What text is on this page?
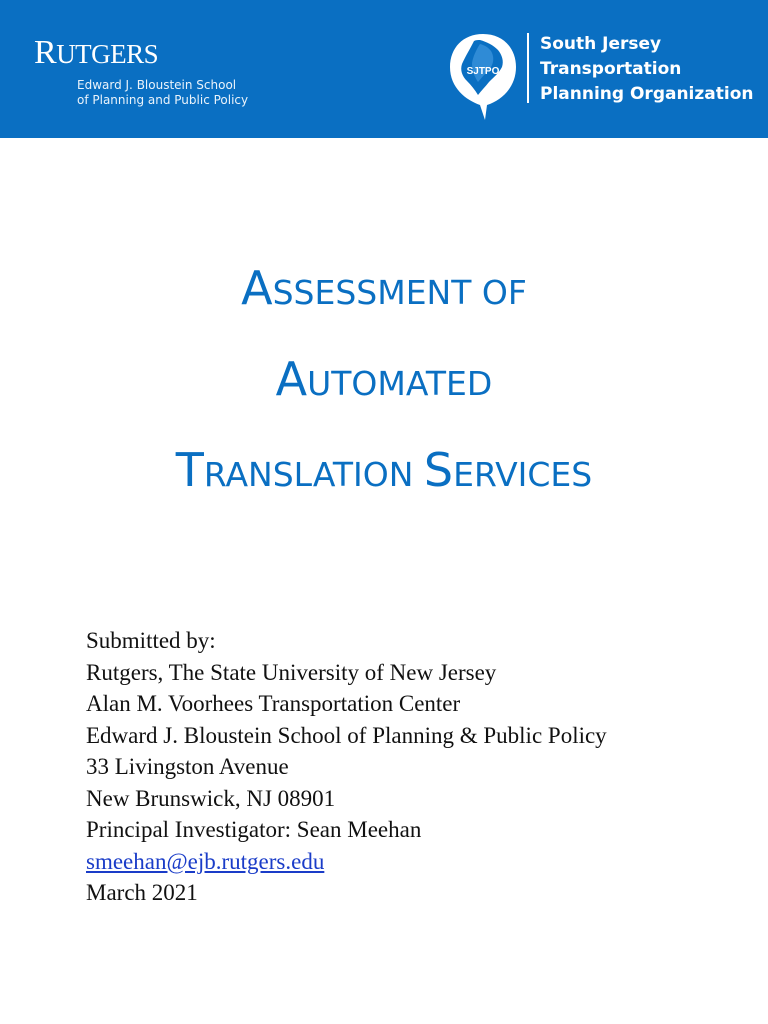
RUTGERS
Edward J. Bloustein School
of Planning and Public Policy
SJTPO
South Jersey
Transportation
Planning Organization
ASSESSMENT OF
AUTOMATED
TRANSLATION SERVICES
Submitted by:
Rutgers, The State University of New Jersey
Alan M. Voorhees Transportation Center
Edward J. Bloustein School of Planning & Public Policy
33 Livingston Avenue
New Brunswick, NJ 08901
Principal Investigator: Sean Meehan
smeehan@ejb.rutgers.edu
March 2021
